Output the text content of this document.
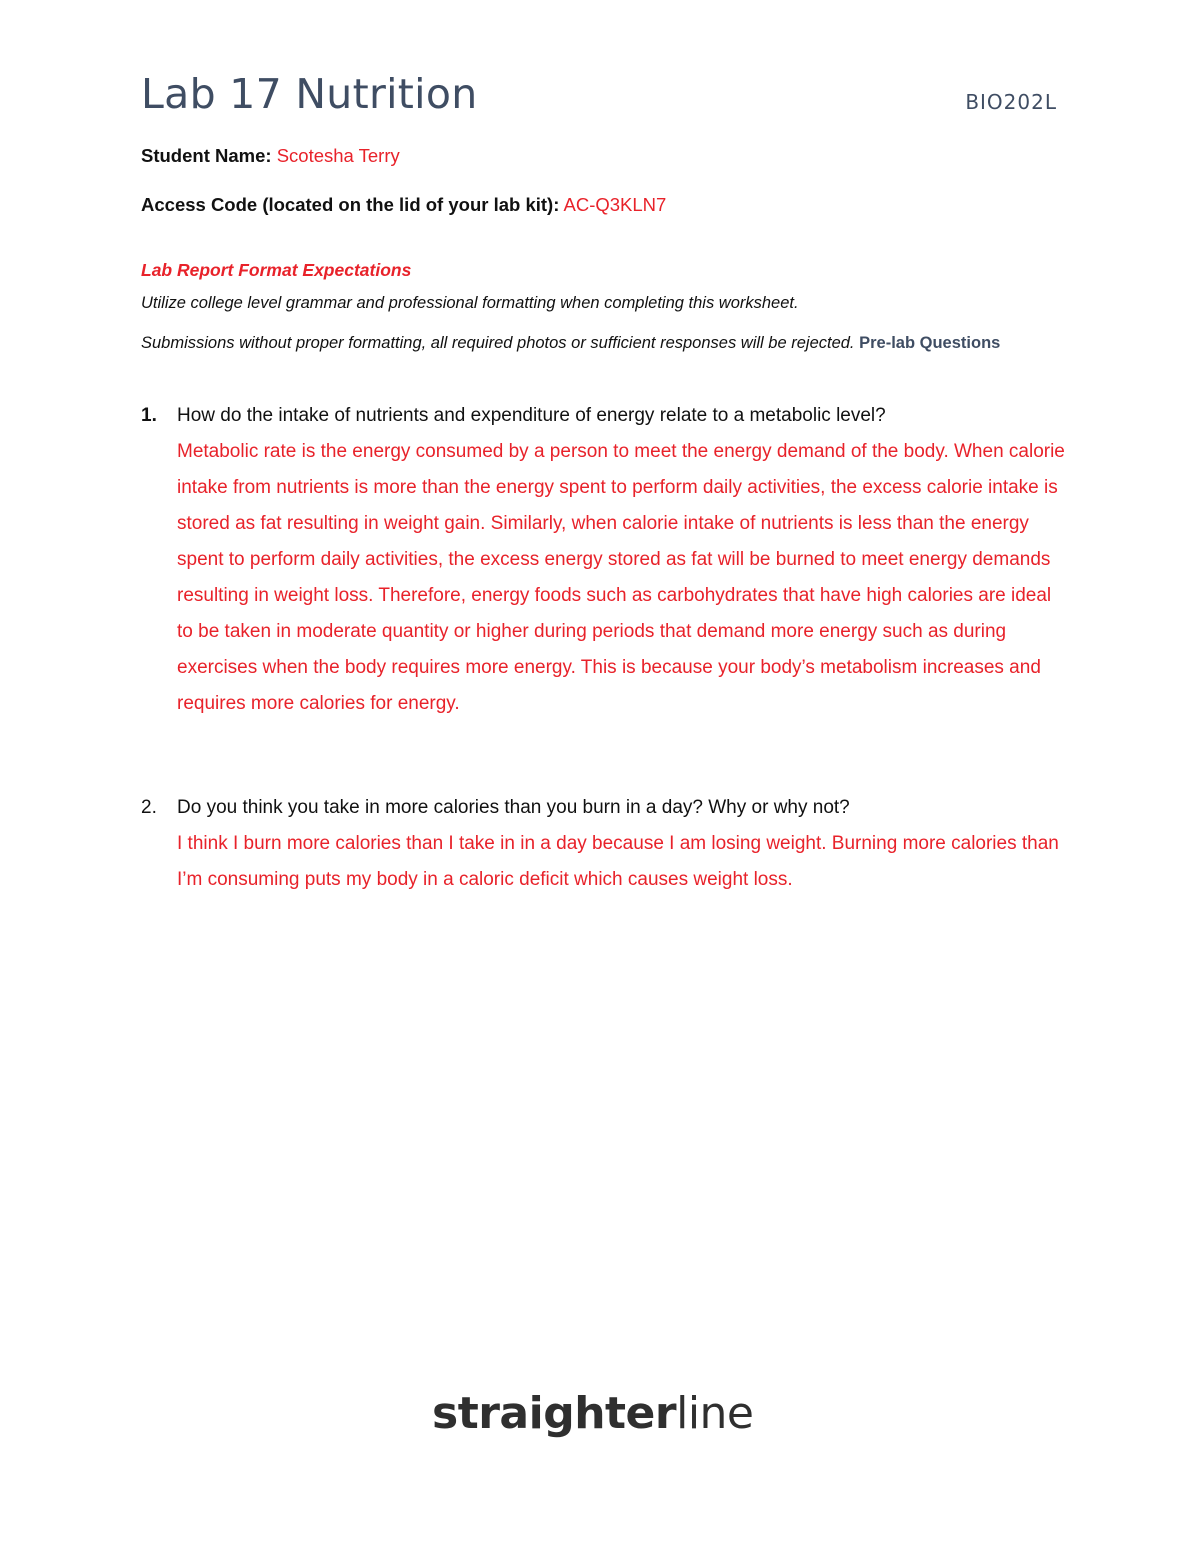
Lab 17 Nutrition	BIO202L
Student Name: Scotesha Terry
Access Code (located on the lid of your lab kit): AC-Q3KLN7
Lab Report Format Expectations
Utilize college level grammar and professional formatting when completing this worksheet.
Submissions without proper formatting, all required photos or sufficient responses will be rejected. Pre-lab Questions
1. How do the intake of nutrients and expenditure of energy relate to a metabolic level?
Metabolic rate is the energy consumed by a person to meet the energy demand of the body. When calorie intake from nutrients is more than the energy spent to perform daily activities, the excess calorie intake is stored as fat resulting in weight gain. Similarly, when calorie intake of nutrients is less than the energy spent to perform daily activities, the excess energy stored as fat will be burned to meet energy demands resulting in weight loss. Therefore, energy foods such as carbohydrates that have high calories are ideal to be taken in moderate quantity or higher during periods that demand more energy such as during exercises when the body requires more energy. This is because your body’s metabolism increases and requires more calories for energy.
2. Do you think you take in more calories than you burn in a day? Why or why not?
I think I burn more calories than I take in in a day because I am losing weight. Burning more calories than I’m consuming puts my body in a caloric deficit which causes weight loss.
straighterline
